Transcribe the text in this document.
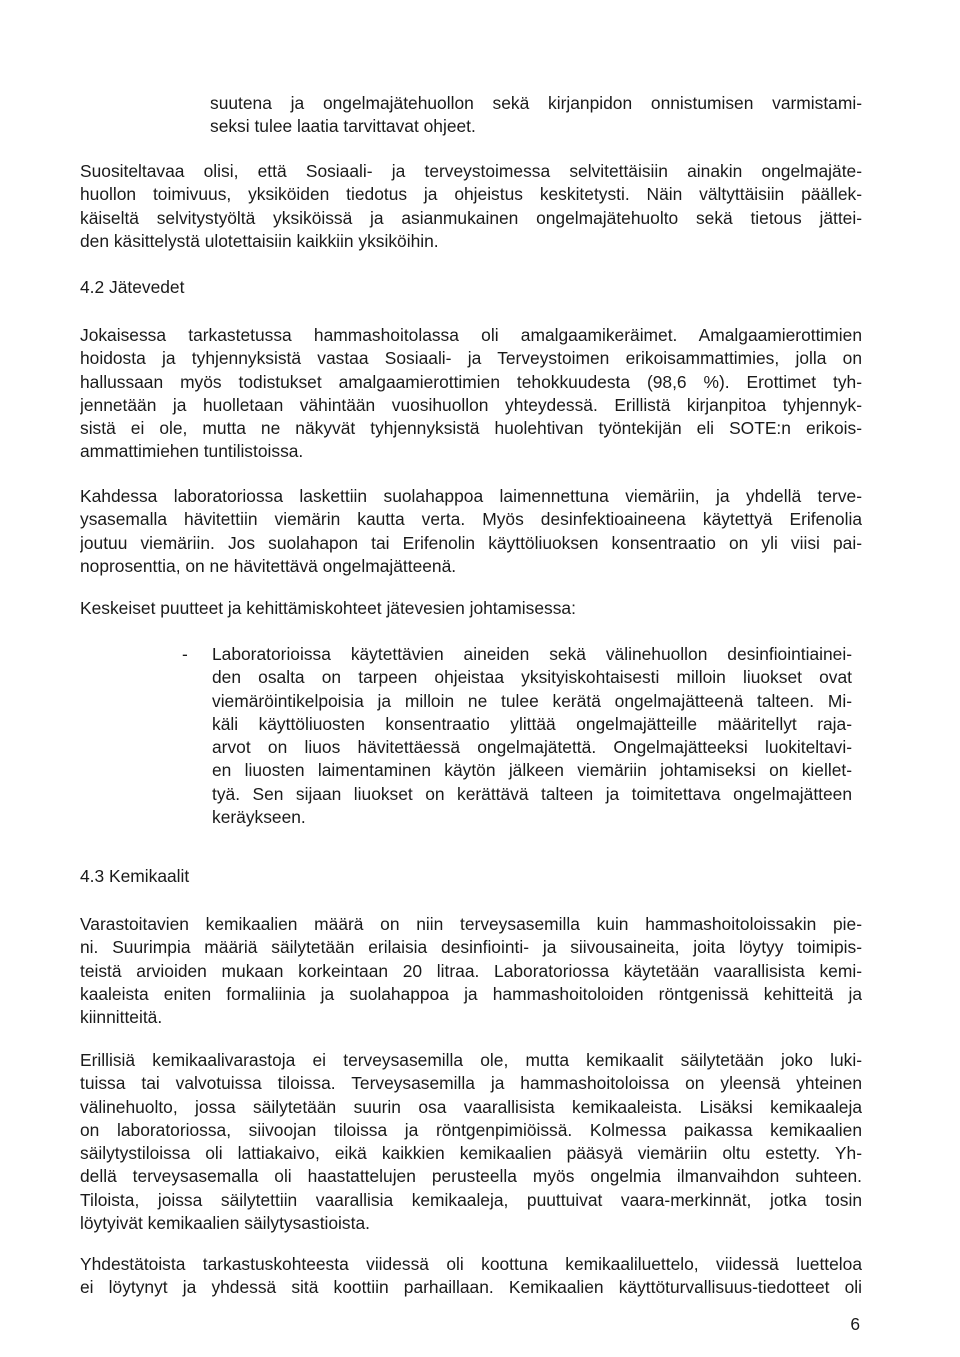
suutena ja ongelmajätehuollon sekä kirjanpidon onnistumisen varmistami-
seksi tulee laatia tarvittavat ohjeet.
Suositeltavaa olisi, että Sosiaali- ja terveystoimessa selvitettäisiin ainakin ongelmajäte-
huollon toimivuus, yksiköiden tiedotus ja ohjeistus keskitetysti. Näin vältyttäisiin päällek-
käiseltä selvitystyöltä yksiköissä ja asianmukainen ongelmajätehuolto sekä tietous jättei-
den käsittelystä ulotettaisiin kaikkiin yksiköihin.
4.2 Jätevedet
Jokaisessa tarkastetussa hammashoitolassa oli amalgaamikeräimet. Amalgaamierottimien
hoidosta ja tyhjennyksistä vastaa Sosiaali- ja Terveystoimen erikoisammattimies, jolla on
hallussaan myös todistukset amalgaamierottimien tehokkuudesta (98,6 %). Erottimet tyh-
jennetään ja huolletaan vähintään vuosihuollon yhteydessä. Erillistä kirjanpitoa tyhjennyk-
sistä ei ole, mutta ne näkyvät tyhjennyksistä huolehtivan työntekijän eli SOTE:n erikois-
ammattimiehen tuntilistoissa.
Kahdessa laboratoriossa laskettiin suolahappoa laimennettuna viemäriin, ja yhdellä terve-
ysasemalla hävitettiin viemärin kautta verta. Myös desinfektioaineena käytettyä Erifenolia
joutuu viemäriin. Jos suolahapon tai Erifenolin käyttöliuoksen konsentraatio on yli viisi pai-
noprosenttia, on ne hävitettävä ongelmajätteenä.

Keskeiset puutteet ja kehittämiskohteet jätevesien johtamisessa:

- Laboratorioissa käytettävien aineiden sekä välinehuollon desinfiointiainei-
den osalta on tarpeen ohjeistaa yksityiskohtaisesti milloin liuokset ovat
viemäröintikelpoisia ja milloin ne tulee kerätä ongelmajätteenä talteen. Mi-
käli käyttöliuosten konsentraatio ylittää ongelmajätteille määritellyt raja-
arvot on liuos hävitettäessä ongelmajätettä. Ongelmajätteeksi luokiteltavi-
en liuosten laimentaminen käytön jälkeen viemäriin johtamiseksi on kiellet-
tyä. Sen sijaan liuokset on kerättävä talteen ja toimitettava ongelmajätteen
keräykseen.
4.3 Kemikaalit
Varastoitavien kemikaalien määrä on niin terveysasemilla kuin hammashoitoloissakin pie-
ni. Suurimpia määriä säilytetään erilaisia desinfiointi- ja siivousaineita, joita löytyy toimipis-
teistä arvioiden mukaan korkeintaan 20 litraa. Laboratoriossa käytetään vaarallisista kemi-
kaaleista eniten formaliinia ja suolahappoa ja hammashoitoloiden röntgenissä kehitteitä ja
kiinnitteitä.
Erillisiä kemikaalivarastoja ei terveysasemilla ole, mutta kemikaalit säilytetään joko luki-
tuissa tai valvotuissa tiloissa. Terveysasemilla ja hammashoitoloissa on yleensä yhteinen
välinehuolto, jossa säilytetään suurin osa vaarallisista kemikaaleista. Lisäksi kemikaaleja
on laboratoriossa, siivoojan tiloissa ja röntgenpimiöissä. Kolmessa paikassa kemikaalien
säilytystiloissa oli lattiakaivo, eikä kaikkien kemikaalien pääsyä viemäriin oltu estetty. Yh-
dellä terveysasemalla oli haastattelujen perusteella myös ongelmia ilmanvaihdon suhteen.
Tiloista, joissa säilytettiin vaarallisia kemikaaleja, puuttuivat vaara-merkinnät, jotka tosin
löytyivät kemikaalien säilytysastioista.
Yhdestätoista tarkastuskohteesta viidessä oli koottuna kemikaaliluettelo, viidessä luetteloa
ei löytynyt ja yhdessä sitä koottiin parhaillaan. Kemikaalien käyttöturvallisuus-tiedotteet oli
6
